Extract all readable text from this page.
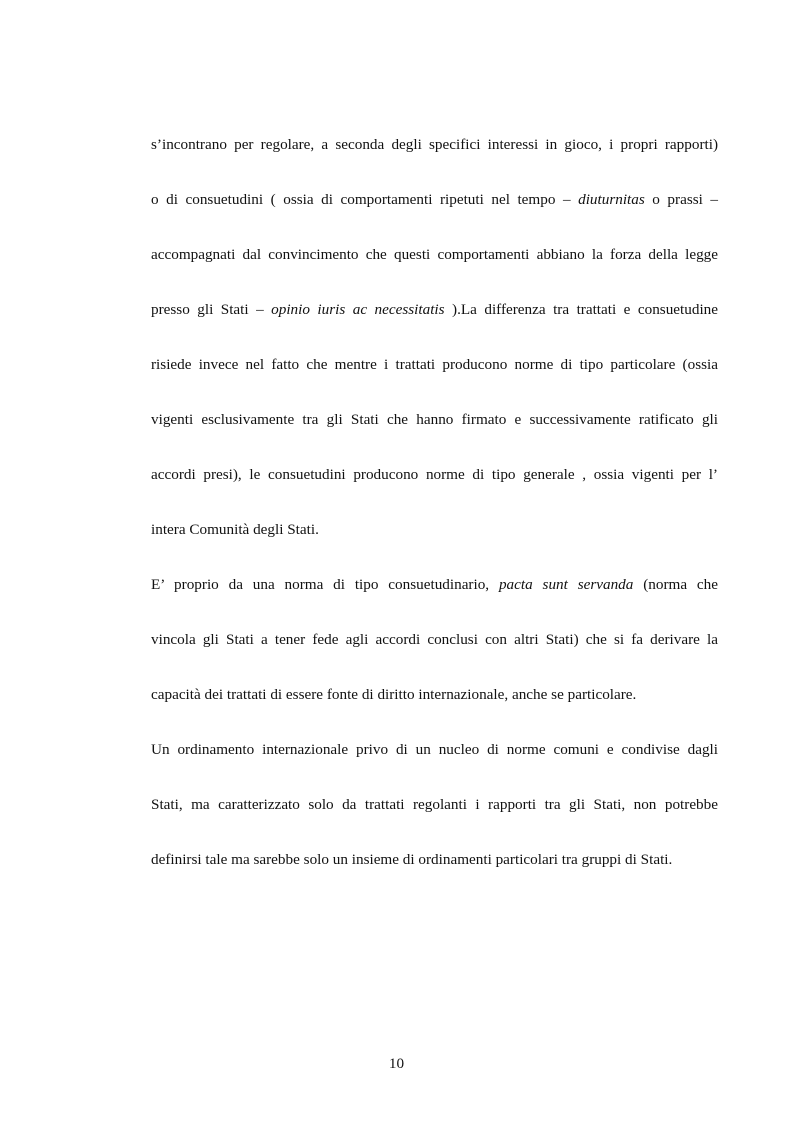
s’incontrano per regolare, a seconda degli specifici interessi in gioco, i propri rapporti)
o di consuetudini ( ossia di comportamenti ripetuti nel tempo – diuturnitas o prassi –
accompagnati dal convincimento che questi comportamenti abbiano la forza della legge
presso gli Stati – opinio iuris ac necessitatis ).La differenza tra trattati e consuetudine
risiede invece nel fatto che mentre i trattati producono norme di tipo particolare (ossia
vigenti esclusivamente tra gli Stati che hanno firmato e successivamente ratificato gli
accordi presi), le consuetudini producono norme di tipo generale , ossia vigenti per l’
intera Comunità degli Stati.
E’ proprio da una norma di tipo consuetudinario, pacta sunt servanda (norma che
vincola gli Stati a tener fede agli accordi conclusi con altri Stati) che si fa derivare la
capacità dei trattati di essere fonte di diritto internazionale, anche se particolare.
Un ordinamento internazionale privo di un nucleo di norme comuni e condivise dagli
Stati, ma caratterizzato solo da trattati regolanti i rapporti tra gli Stati, non potrebbe
definirsi tale ma sarebbe solo un insieme di ordinamenti particolari tra gruppi di Stati.
10
